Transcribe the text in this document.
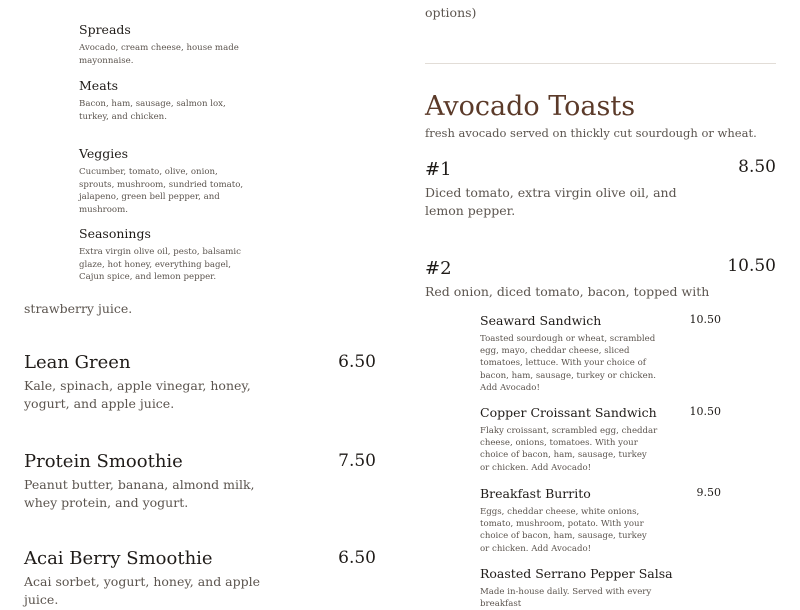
Spreads
Avocado, cream cheese, house made mayonnaise.
Meats
Bacon, ham, sausage, salmon lox, turkey, and chicken.
Veggies
Cucumber, tomato, olive, onion, sprouts, mushroom, sundried tomato, jalapeno, green bell pepper, and mushroom.
Seasonings
Extra virgin olive oil, pesto, balsamic glaze, hot honey, everything bagel, Cajun spice, and lemon pepper.
strawberry juice.
Lean Green	6.50
Kale, spinach, apple vinegar, honey, yogurt, and apple juice.
Protein Smoothie	7.50
Peanut butter, banana, almond milk, whey protein, and yogurt.
Acai Berry Smoothie	6.50
Acai sorbet, yogurt, honey, and apple juice.
options)
Avocado Toasts
fresh avocado served on thickly cut sourdough or wheat.
#1	8.50
Diced tomato, extra virgin olive oil, and lemon pepper.
#2	10.50
Red onion, diced tomato, bacon, topped with
Seaward Sandwich	10.50
Toasted sourdough or wheat, scrambled egg, mayo, cheddar cheese, sliced tomatoes, lettuce. With your choice of bacon, ham, sausage, turkey or chicken. Add Avocado!
Copper Croissant Sandwich	10.50
Flaky croissant, scrambled egg, cheddar cheese, onions, tomatoes. With your choice of bacon, ham, sausage, turkey or chicken. Add Avocado!
Breakfast Burrito	9.50
Eggs, cheddar cheese, white onions, tomato, mushroom, potato. With your choice of bacon, ham, sausage, turkey or chicken. Add Avocado!
Roasted Serrano Pepper Salsa
Made in-house daily. Served with every breakfast
